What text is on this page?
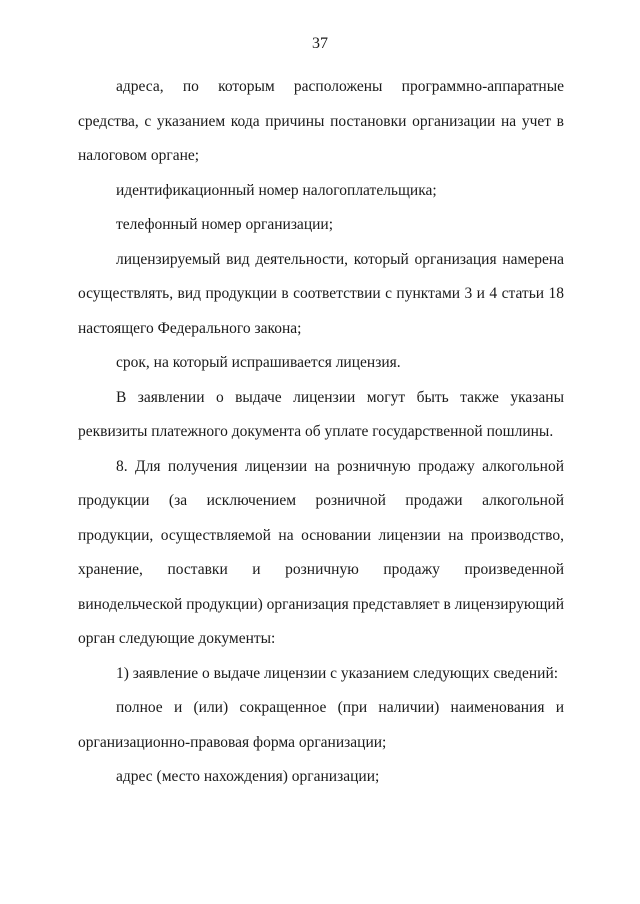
37

адреса, по которым расположены программно-аппаратные средства, с указанием кода причины постановки организации на учет в налоговом органе;

идентификационный номер налогоплательщика;

телефонный номер организации;

лицензируемый вид деятельности, который организация намерена осуществлять, вид продукции в соответствии с пунктами 3 и 4 статьи 18 настоящего Федерального закона;

срок, на который испрашивается лицензия.

В заявлении о выдаче лицензии могут быть также указаны реквизиты платежного документа об уплате государственной пошлины.

8. Для получения лицензии на розничную продажу алкогольной продукции (за исключением розничной продажи алкогольной продукции, осуществляемой на основании лицензии на производство, хранение, поставки и розничную продажу произведенной винодельческой продукции) организация представляет в лицензирующий орган следующие документы:

1) заявление о выдаче лицензии с указанием следующих сведений:

полное и (или) сокращенное (при наличии) наименования и организационно-правовая форма организации;

адрес (место нахождения) организации;
